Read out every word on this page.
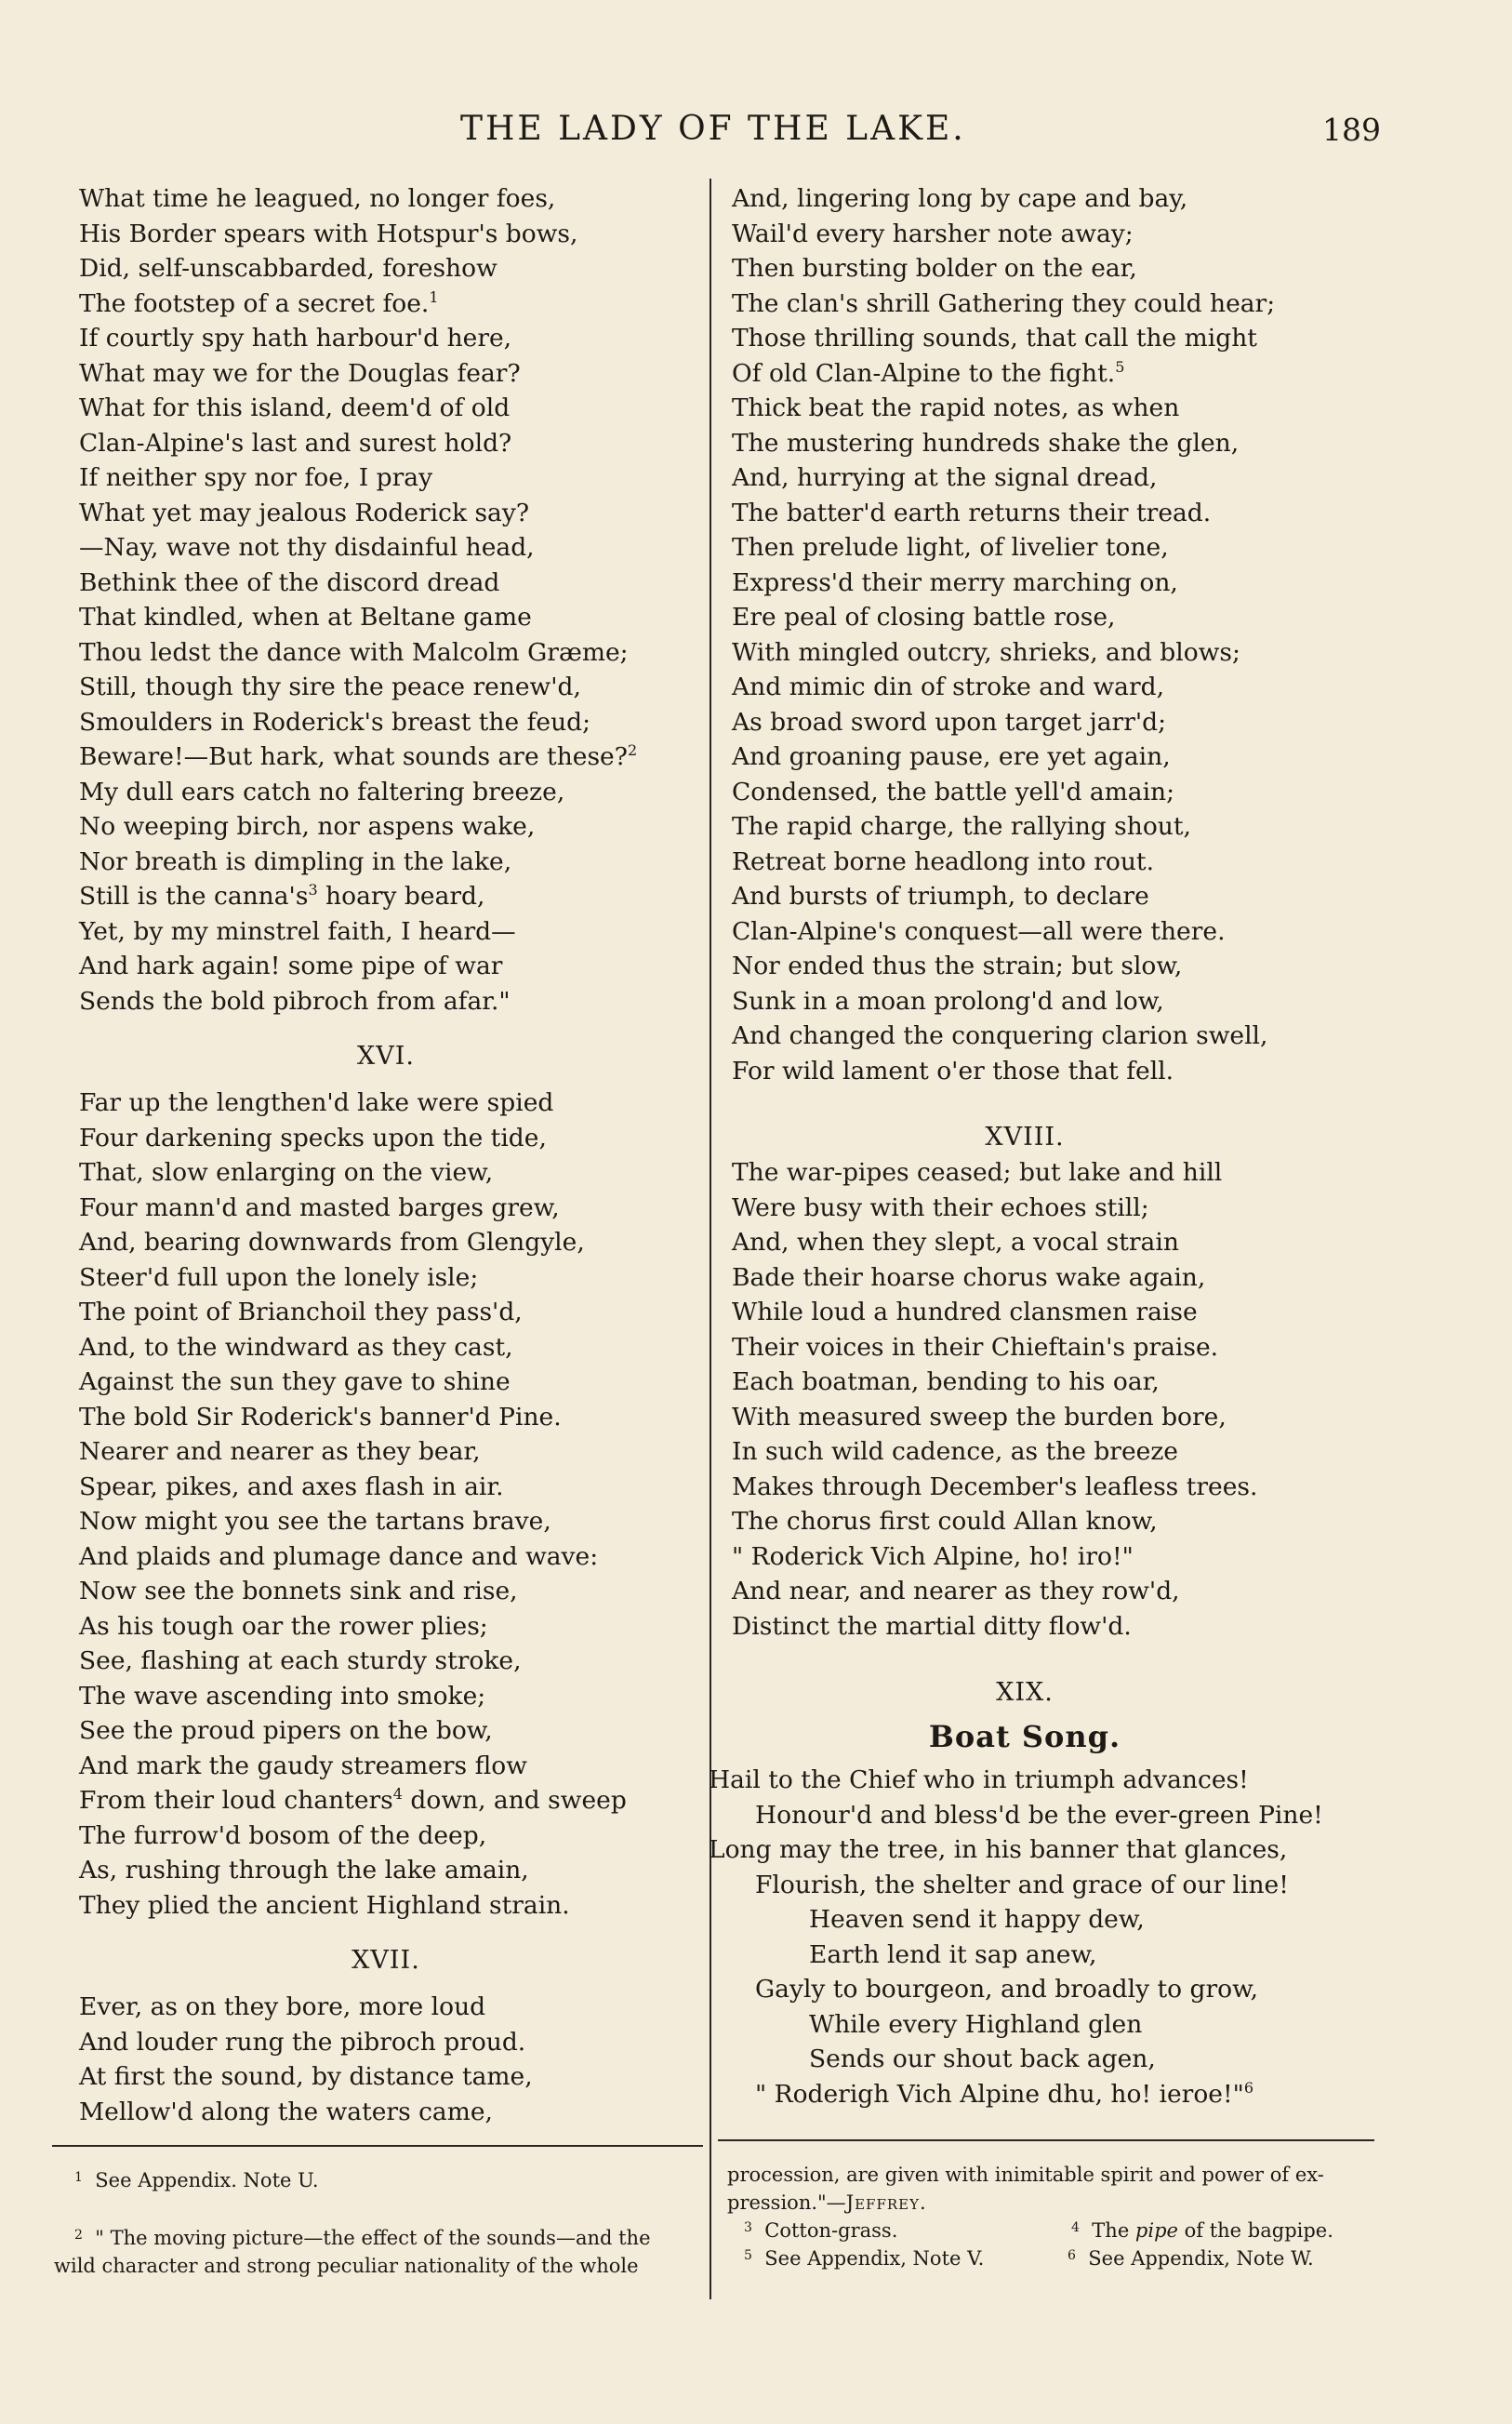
THE LADY OF THE LAKE.	189
What time he leagued, no longer foes,
His Border spears with Hotspur's bows,
Did, self-unscabbarded, foreshow
The footstep of a secret foe.$^1$
If courtly spy hath harbour'd here,
What may we for the Douglas fear?
What for this island, deem'd of old
Clan-Alpine's last and surest hold?
If neither spy nor foe, I pray
What yet may jealous Roderick say?
—Nay, wave not thy disdainful head,
Bethink thee of the discord dread
That kindled, when at Beltane game
Thou ledst the dance with Malcolm Græme;
Still, though thy sire the peace renew'd,
Smoulders in Roderick's breast the feud;
Beware!—But hark, what sounds are these?$^2$
My dull ears catch no faltering breeze,
No weeping birch, nor aspens wake,
Nor breath is dimpling in the lake,
Still is the $canna's^3$ hoary beard,
Yet, by my minstrel faith, I heard—
And hark again! some pipe of war
Sends the bold pibroch from afar."
XVI.
Far up the lengthen'd lake were spied
Four darkening specks upon the tide,
That, slow enlarging on the view,
Four mann'd and masted barges grew,
And, bearing downwards from Glengyle,
Steer'd full upon the lonely isle;
The point of Brianchoil they pass'd,
And, to the windward as they cast,
Against the sun they gave to shine
The bold Sir Roderick's banner'd Pine.
Nearer and nearer as they bear,
Spear, pikes, and axes flash in air.
Now might you see the tartans brave,
And plaids and plumage dance and wave:
Now see the bonnets sink and rise,
As his tough oar the rower plies;
See, flashing at each sturdy stroke,
The wave ascending into smoke;
See the proud pipers on the bow,
And mark the gaudy streamers flow
From their loud chanters$^4$ down, and sweep
The furrow'd bosom of the deep,
As, rushing through the lake amain,
They plied the ancient Highland strain.
XVII.
Ever, as on they bore, more loud
And louder rung the pibroch proud.
At first the sound, by distance tame,
Mellow'd along the waters came,
And, lingering long by cape and bay,
Wail'd every harsher note away;
Then bursting bolder on the ear,
The clan's shrill Gathering they could hear;
Those thrilling sounds, that call the might
Of old Clan-Alpine to the fight.$^5$
Thick beat the rapid notes, as when
The mustering hundreds shake the glen,
And, hurrying at the signal dread,
The batter'd earth returns their tread.
Then prelude light, of livelier tone,
Express'd their merry marching on,
Ere peal of closing battle rose,
With mingled outcry, shrieks, and blows;
And mimic din of stroke and ward,
As broad sword upon target jarr'd;
And groaning pause, ere yet again,
Condensed, the battle yell'd amain;
The rapid charge, the rallying shout,
Retreat borne headlong into rout.
And bursts of triumph, to declare
Clan-Alpine's conquest—all were there.
Nor ended thus the strain; but slow,
Sunk in a moan prolong'd and low,
And changed the conquering clarion swell,
For wild lament o'er those that fell.
XVIII.
The war-pipes ceased; but lake and hill
Were busy with their echoes still;
And, when they slept, a vocal strain
Bade their hoarse chorus wake again,
While loud a hundred clansmen raise
Their voices in their Chieftain's praise.
Each boatman, bending to his oar,
With measured sweep the burden bore,
In such wild cadence, as the breeze
Makes through December's leafless trees.
The chorus first could Allan know,
" Roderick Vich Alpine, ho! iro!"
And near, and nearer as they row'd,
Distinct the martial ditty flow'd.
XIX.
Boat Song.
Hail to the Chief who in triumph advances!
Honour'd and bless'd be the ever-green Pine!
Long may the tree, in his banner that glances,
Flourish, the shelter and grace of our line!
Heaven send it happy dew,
Earth lend it sap anew,
Gayly to bourgeon, and broadly to grow,
While every Highland glen
Sends our shout back agen,
" Roderigh Vich Alpine dhu, ho! ieroe!"$^6$
$^1$ See Appendix. Note U.
$^2$ " The moving picture—the effect of the sounds—and the
wild character and strong peculiar nationality of the whole
procession, are given with inimitable spirit and power of ex-
pression."—Jeffrey.
$^3$ Cotton-grass.	$^4$ The pipe of the bagpipe.
$^5$ See Appendix, Note V.	$^6$ See Appendix, Note W.
